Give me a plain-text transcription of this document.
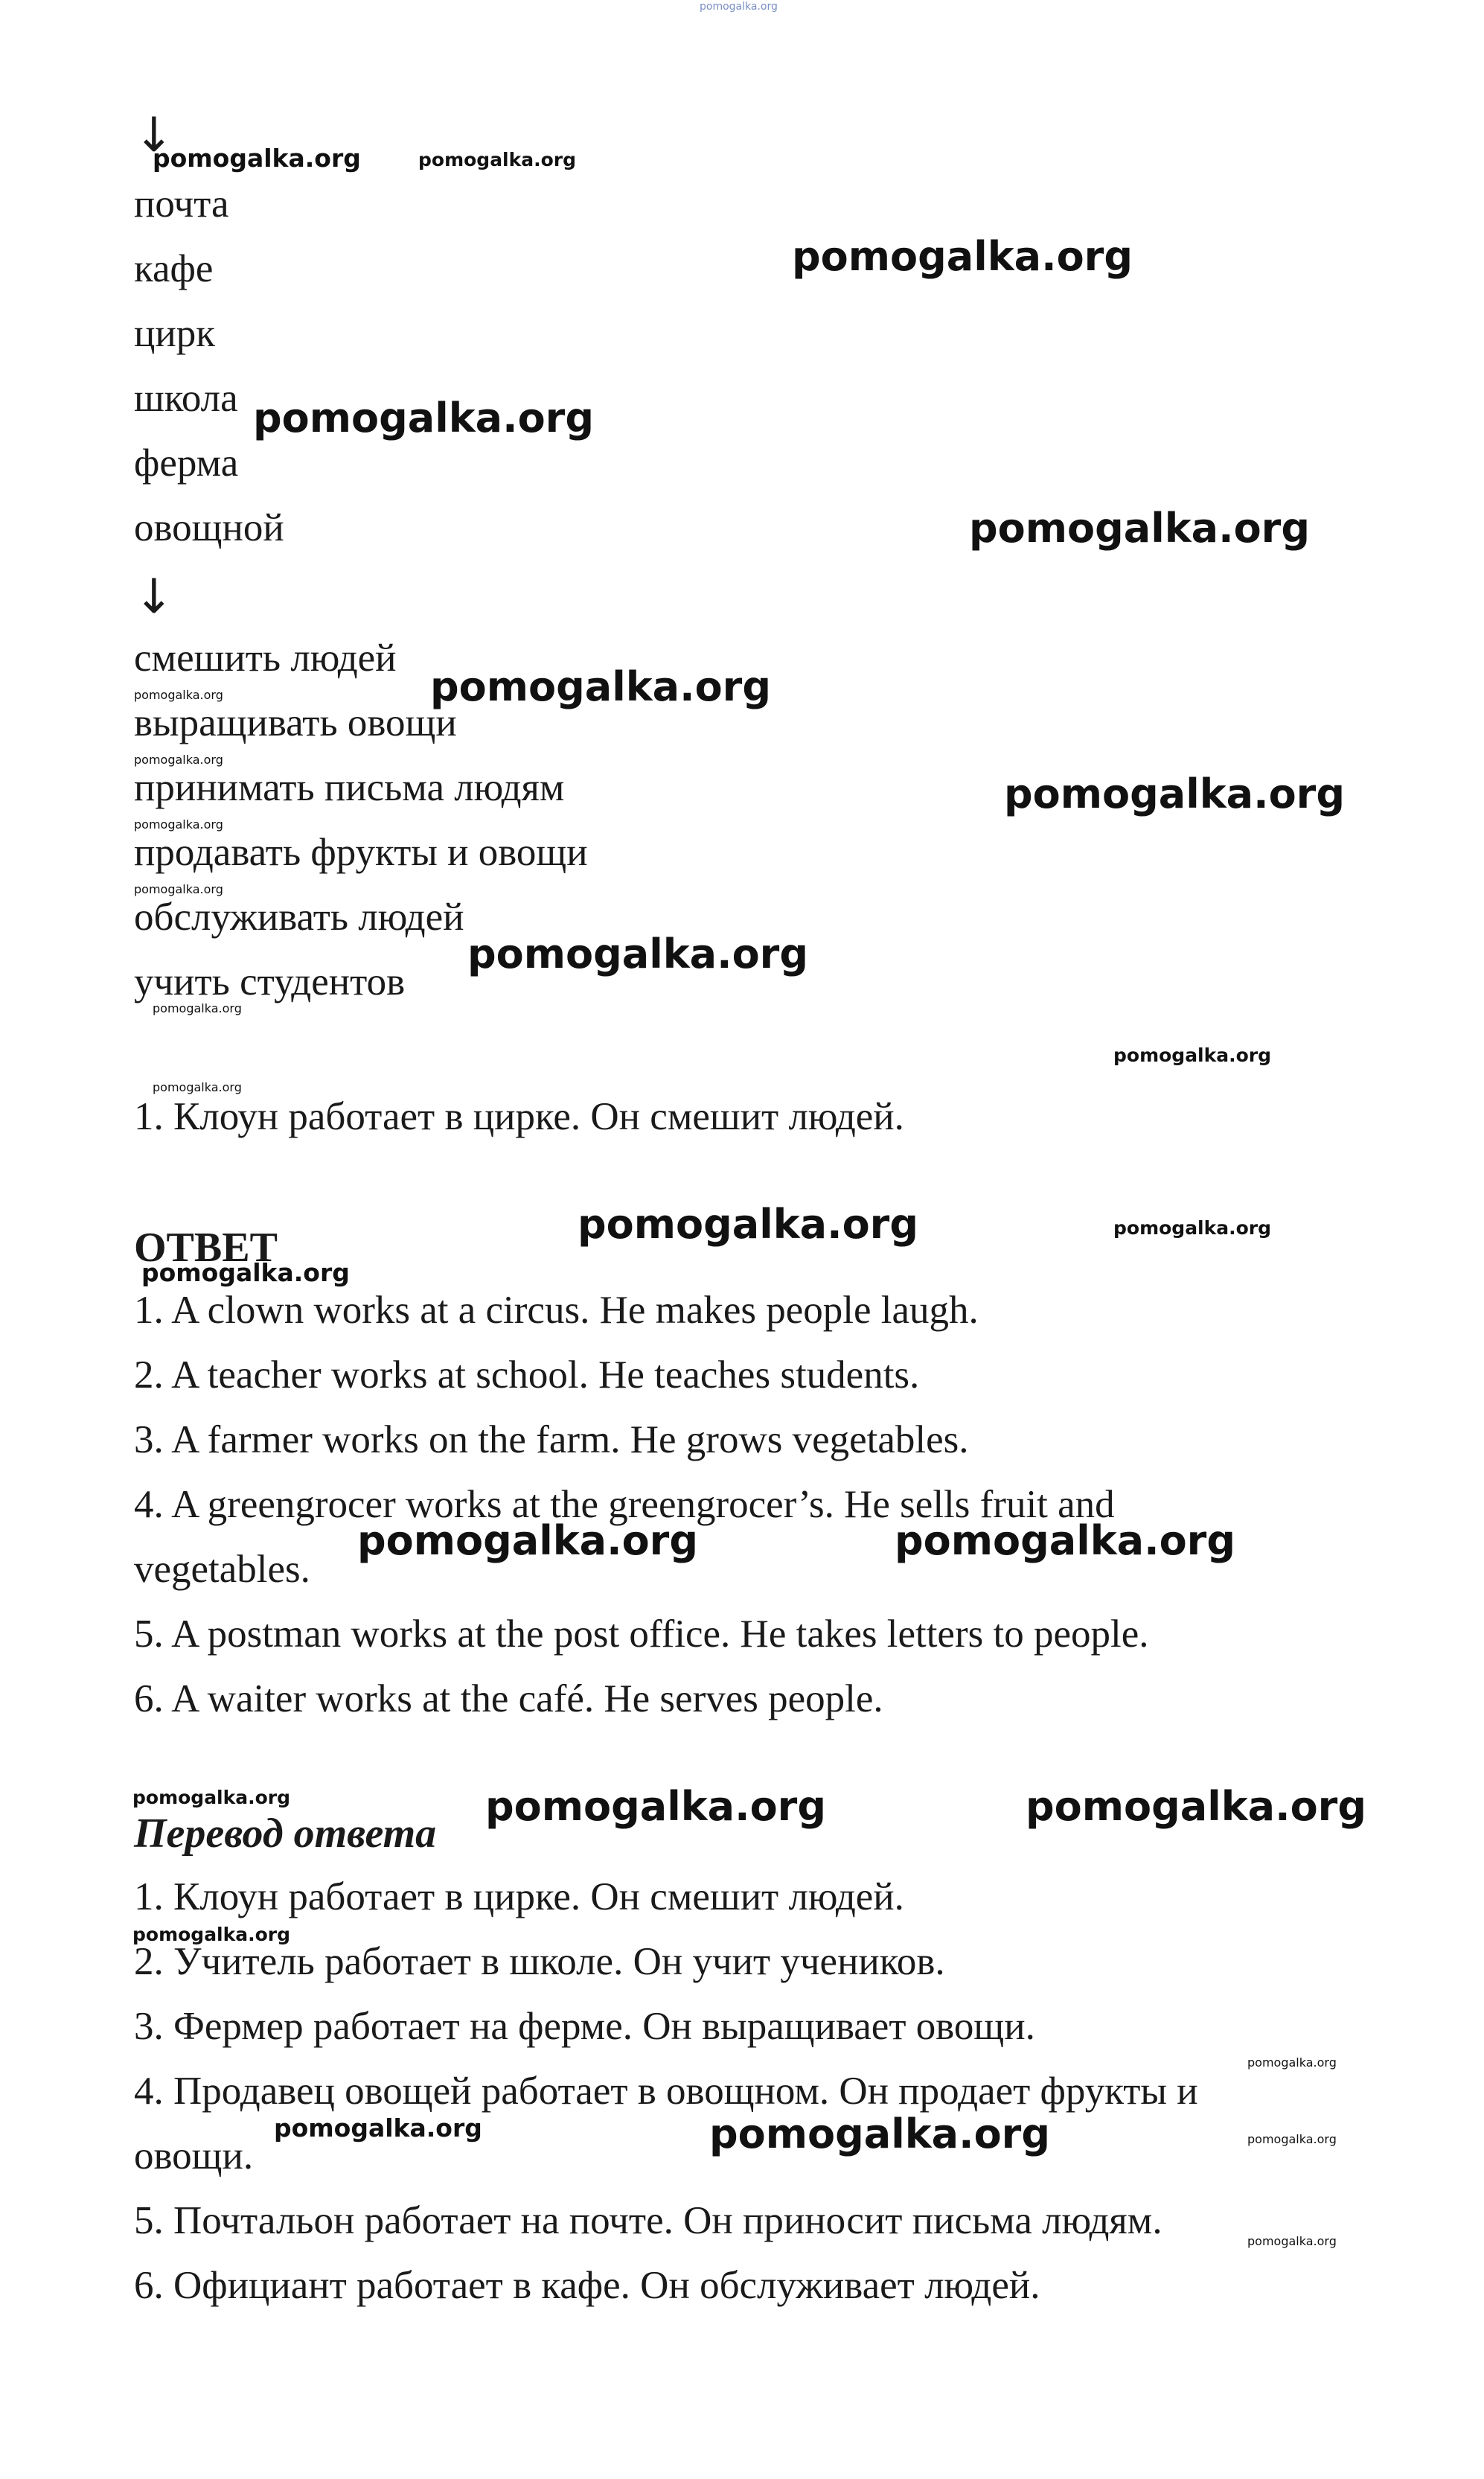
pomogalka.org
↓
pomogalka.org	pomogalka.org
почта
кафе
цирк
школа
ферма
овощной
pomogalka.org
pomogalka.org
pomogalka.org
↓
смешить людей
выращивать овощи
принимать письма людям
продавать фрукты и овощи
обслуживать людей
учить студентов
pomogalka.org
pomogalka.org
pomogalka.org
pomogalka.org
pomogalka.org
pomogalka.org
pomogalka.org
pomogalka.org
pomogalka.org
pomogalka.org
1. Клоун работает в цирке. Он смешит людей.
ОТВЕТ	pomogalka.org	pomogalka.org
pomogalka.org
1. A clown works at a circus. He makes people laugh.
2. A teacher works at school. He teaches students.
3. A farmer works on the farm. He grows vegetables.
4. A greengrocer works at the greengrocer’s. He sells fruit and
vegetables.
5. A postman works at the post office. He takes letters to people.
6. A waiter works at the café. He serves people.
pomogalka.org	pomogalka.org
pomogalka.org
Перевод ответа
pomogalka.org	pomogalka.org
1. Клоун работает в цирке. Он смешит людей.
pomogalka.org
2. Учитель работает в школе. Он учит учеников.
3. Фермер работает на ферме. Он выращивает овощи.
pomogalka.org
4. Продавец овощей работает в овощном. Он продает фрукты и
pomogalka.org	pomogalka.org	pomogalka.org
овощи.
5. Почтальон работает на почте. Он приносит письма людям.	pomogalka.org
6. Официант работает в кафе. Он обслуживает людей.
